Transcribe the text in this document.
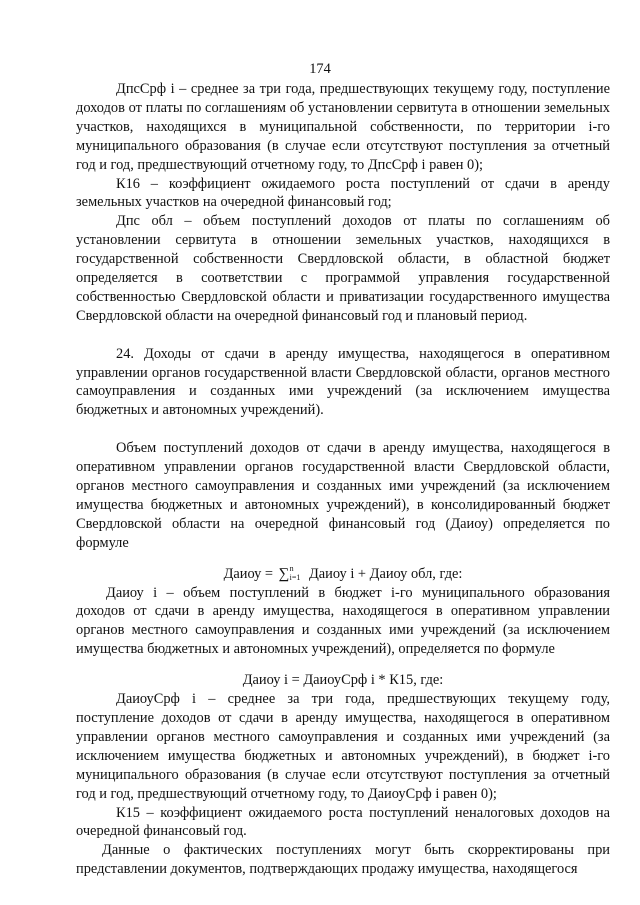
174

ДпсСрф i – среднее за три года, предшествующих текущему году, поступление доходов от платы по соглашениям об установлении сервитута в отношении земельных участков, находящихся в муниципальной собственности, по территории i-го муниципального образования (в случае если отсутствуют поступления за отчетный год и год, предшествующий отчетному году, то ДпсСрф i равен 0);

К16 – коэффициент ожидаемого роста поступлений от сдачи в аренду земельных участков на очередной финансовый год;

Дпс обл – объем поступлений доходов от платы по соглашениям об установлении сервитута в отношении земельных участков, находящихся в государственной собственности Свердловской области, в областной бюджет определяется в соответствии с программой управления государственной собственностью Свердловской области и приватизации государственного имущества Свердловской области на очередной финансовый год и плановый период.

24. Доходы от сдачи в аренду имущества, находящегося в оперативном управлении органов государственной власти Свердловской области, органов местного самоуправления и созданных ими учреждений (за исключением имущества бюджетных и автономных учреждений).

Объем поступлений доходов от сдачи в аренду имущества, находящегося в оперативном управлении органов государственной власти Свердловской области, органов местного самоуправления и созданных ими учреждений (за исключением имущества бюджетных и автономных учреждений), в консолидированный бюджет Свердловской области на очередной финансовый год (Даиоу) определяется по формуле

Даиоу = ∑ n
i=1 Даиоу i + Даиоу обл, где:

Даиоу i – объем поступлений в бюджет i-го муниципального образования доходов от сдачи в аренду имущества, находящегося в оперативном управлении органов местного самоуправления и созданных ими учреждений (за исключением имущества бюджетных и автономных учреждений), определяется по формуле

Даиоу i = ДаиоуСрф i * К15, где:

ДаиоуСрф i – среднее за три года, предшествующих текущему году, поступление доходов от сдачи в аренду имущества, находящегося в оперативном управлении органов местного самоуправления и созданных ими учреждений (за исключением имущества бюджетных и автономных учреждений), в бюджет i-го муниципального образования (в случае если отсутствуют поступления за отчетный год и год, предшествующий отчетному году, то ДаиоуСрф i равен 0);

К15 – коэффициент ожидаемого роста поступлений неналоговых доходов на очередной финансовый год.

Данные о фактических поступлениях могут быть скорректированы при представлении документов, подтверждающих продажу имущества, находящегося
